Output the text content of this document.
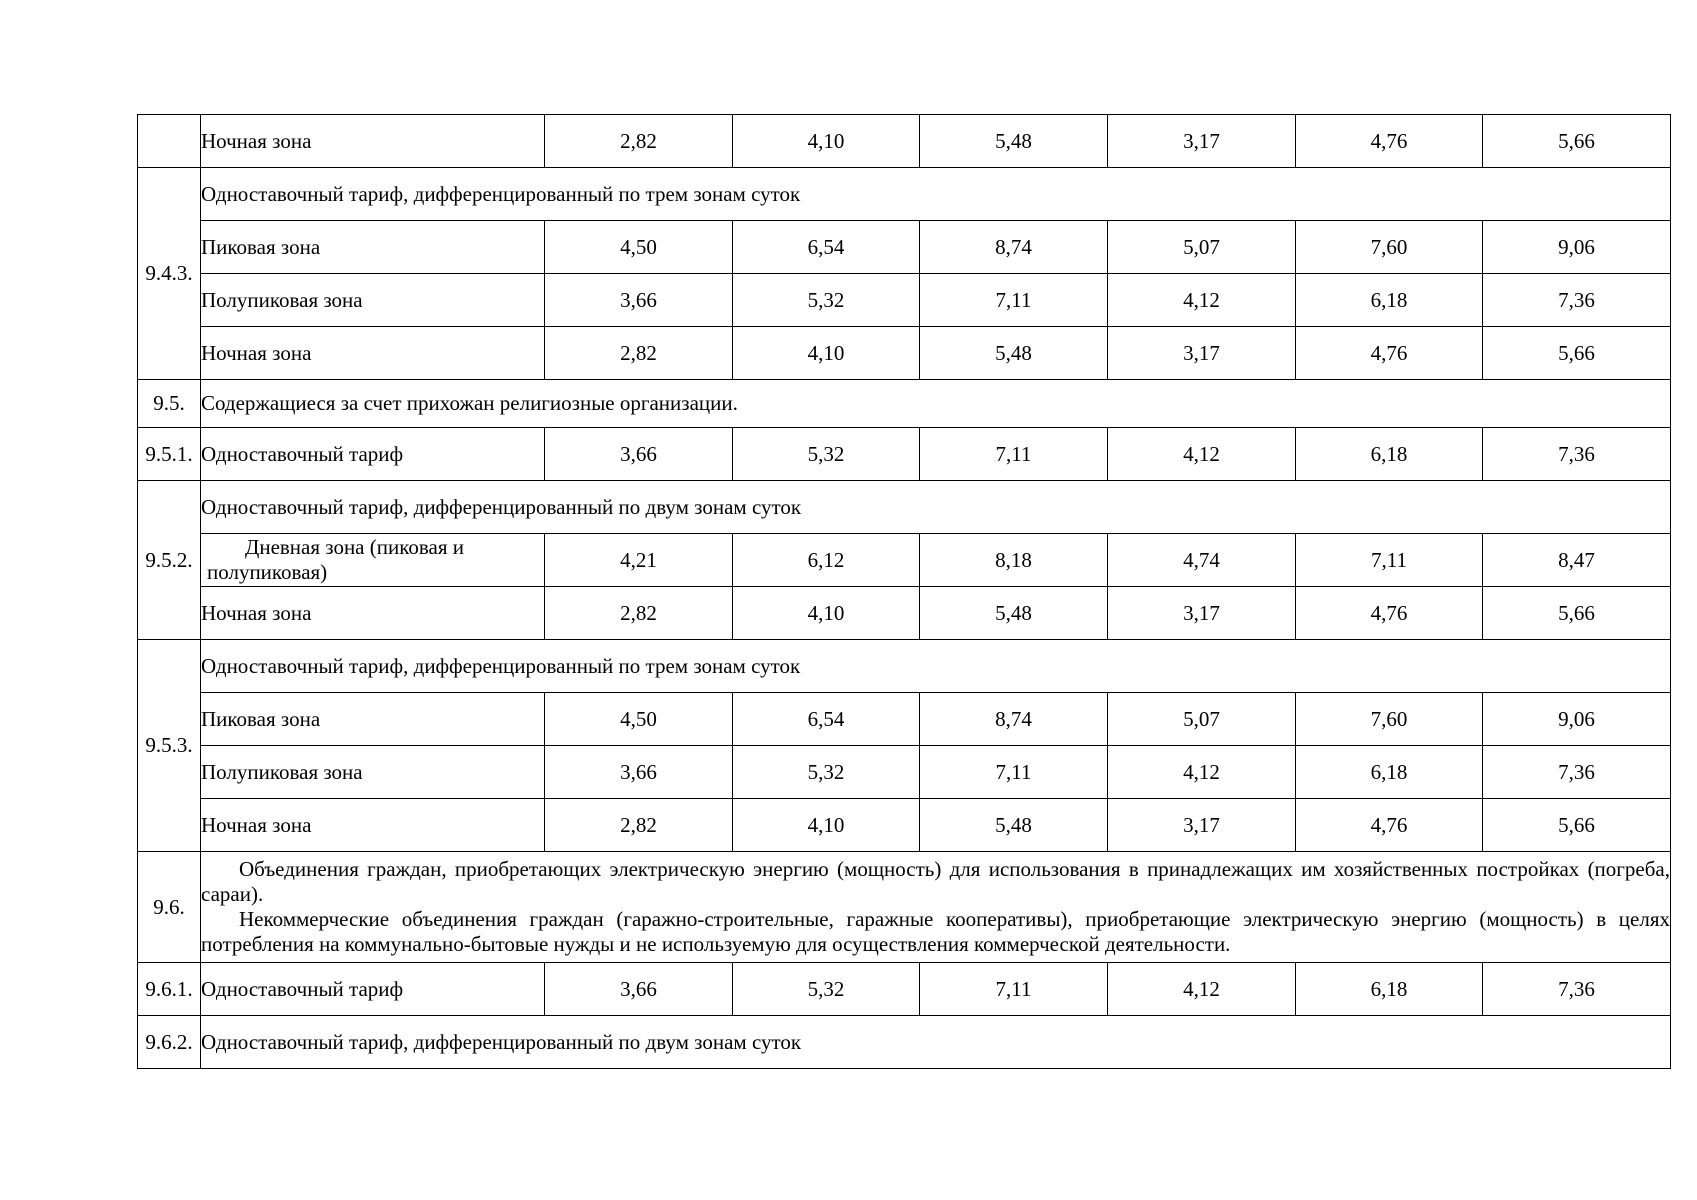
	Ночная зона	2,82	4,10	5,48	3,17	4,76	5,66
9.4.3.	Одноставочный тариф, дифференцированный по трем зонам суток						
	Пиковая зона	4,50	6,54	8,74	5,07	7,60	9,06
	Полупиковая зона	3,66	5,32	7,11	4,12	6,18	7,36
	Ночная зона	2,82	4,10	5,48	3,17	4,76	5,66
9.5.	Содержащиеся за счет прихожан религиозные организации.						
9.5.1.	Одноставочный тариф	3,66	5,32	7,11	4,12	6,18	7,36
9.5.2.	Одноставочный тариф, дифференцированный по двум зонам суток						
	Дневная зона (пиковая и полупиковая)	4,21	6,12	8,18	4,74	7,11	8,47
	Ночная зона	2,82	4,10	5,48	3,17	4,76	5,66
9.5.3.	Одноставочный тариф, дифференцированный по трем зонам суток						
	Пиковая зона	4,50	6,54	8,74	5,07	7,60	9,06
	Полупиковая зона	3,66	5,32	7,11	4,12	6,18	7,36
	Ночная зона	2,82	4,10	5,48	3,17	4,76	5,66
9.6.	Объединения граждан, приобретающих электрическую энергию (мощность) для использования в принадлежащих им хозяйственных постройках (погреба, сараи).

Некоммерческие объединения граждан (гаражно-строительные, гаражные кооперативы), приобретающие электрическую энергию (мощность) в целях потребления на коммунально-бытовые нужды и не используемую для осуществления коммерческой деятельности.						

9.6.1.	Одноставочный тариф	3,66	5,32	7,11	4,12	6,18	7,36
9.6.2.	Одноставочный тариф, дифференцированный по двум зонам суток						
